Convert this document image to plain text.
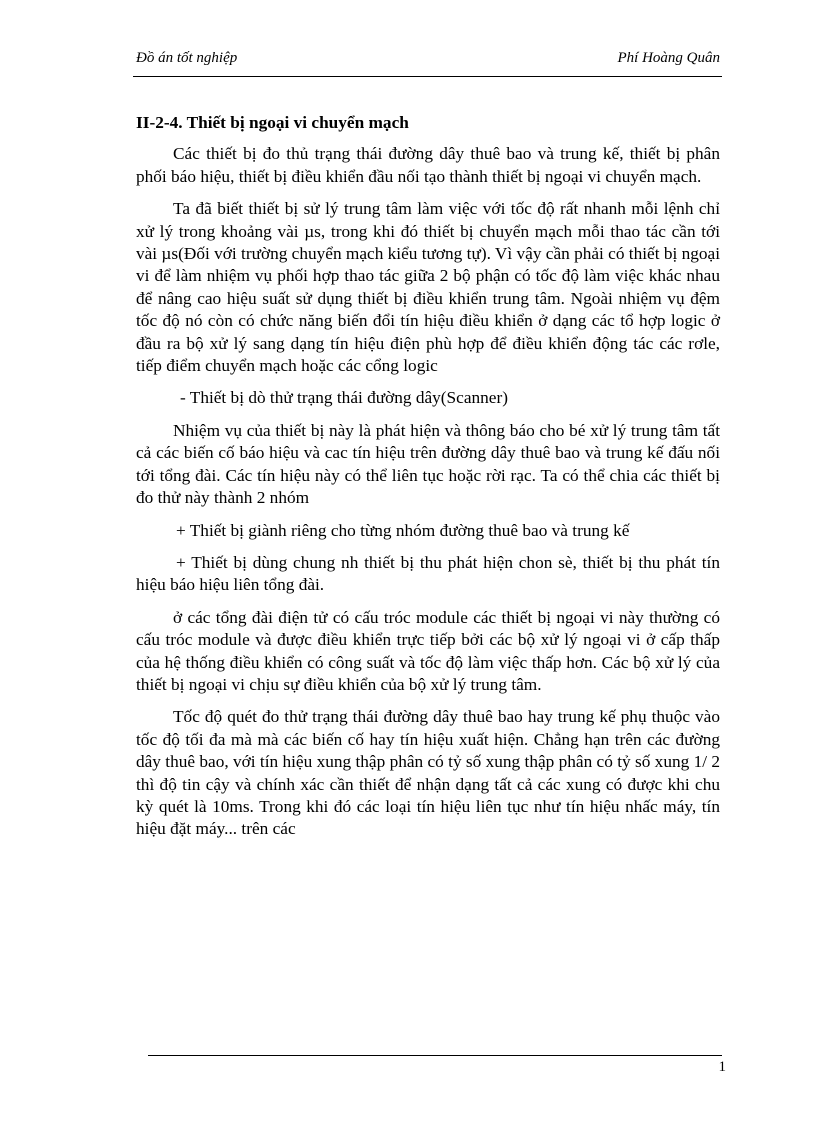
Đồ án tốt nghiệp	Phí Hoàng Quân
II-2-4. Thiết bị ngoại vi chuyển mạch

Các thiết bị đo thủ trạng thái đường dây thuê bao và trung kế, thiết bị phân phối báo hiệu, thiết bị điều khiển đầu nối tạo thành thiết bị ngoại vi chuyển mạch.

Ta đã biết thiết bị sử lý trung tâm làm việc với tốc độ rất nhanh mỗi lệnh chỉ xử lý trong khoảng vài µs, trong khi đó thiết bị chuyển mạch mỗi thao tác cần tới vài µs(Đối với trường chuyển mạch kiểu tương tự). Vì vậy cần phải có thiết bị ngoại vi để làm nhiệm vụ phối hợp thao tác giữa 2 bộ phận có tốc độ làm việc khác nhau để nâng cao hiệu suất sử dụng thiết bị điều khiển trung tâm. Ngoài nhiệm vụ đệm tốc độ nó còn có chức năng biến đổi tín hiệu điều khiển ở dạng các tổ hợp logic ở đầu ra bộ xử lý sang dạng tín hiệu điện phù hợp để điều khiển động tác các rơle, tiếp điểm chuyển mạch hoặc các cổng logic

- Thiết bị dò thử trạng thái đường dây(Scanner)

Nhiệm vụ của thiết bị này là phát hiện và thông báo cho bé xử lý trung tâm tất cả các biến cố báo hiệu và cac tín hiệu trên đường dây thuê bao và trung kế đấu nối tới tổng đài. Các tín hiệu này có thể liên tục hoặc rời rạc. Ta có thể chia các thiết bị đo thử này thành 2 nhóm

+ Thiết bị giành riêng cho từng nhóm đường thuê bao và trung kế

+ Thiết bị dùng chung nh thiết bị thu phát hiện chon sè, thiết bị thu phát tín hiệu báo hiệu liên tổng đài.

ở các tổng đài điện tử có cấu tróc module các thiết bị ngoại vi này thường có cấu tróc module và được điều khiển trực tiếp bởi các bộ xử lý ngoại vi ở cấp thấp của hệ thống điều khiển có công suất và tốc độ làm việc thấp hơn. Các bộ xử lý của thiết bị ngoại vi chịu sự điều khiển của bộ xử lý trung tâm.

Tốc độ quét đo thử trạng thái đường dây thuê bao hay trung kế phụ thuộc vào tốc độ tối đa mà mà các biến cố hay tín hiệu xuất hiện. Chẳng hạn trên các đường dây thuê bao, với tín hiệu xung thập phân có tỷ số xung thập phân có tỷ số xung 1/ 2 thì độ tin cậy và chính xác cần thiết để nhận dạng tất cả các xung có được khi chu kỳ quét là 10ms. Trong khi đó các loại tín hiệu liên tục như tín hiệu nhấc máy, tín hiệu đặt máy... trên các

1
